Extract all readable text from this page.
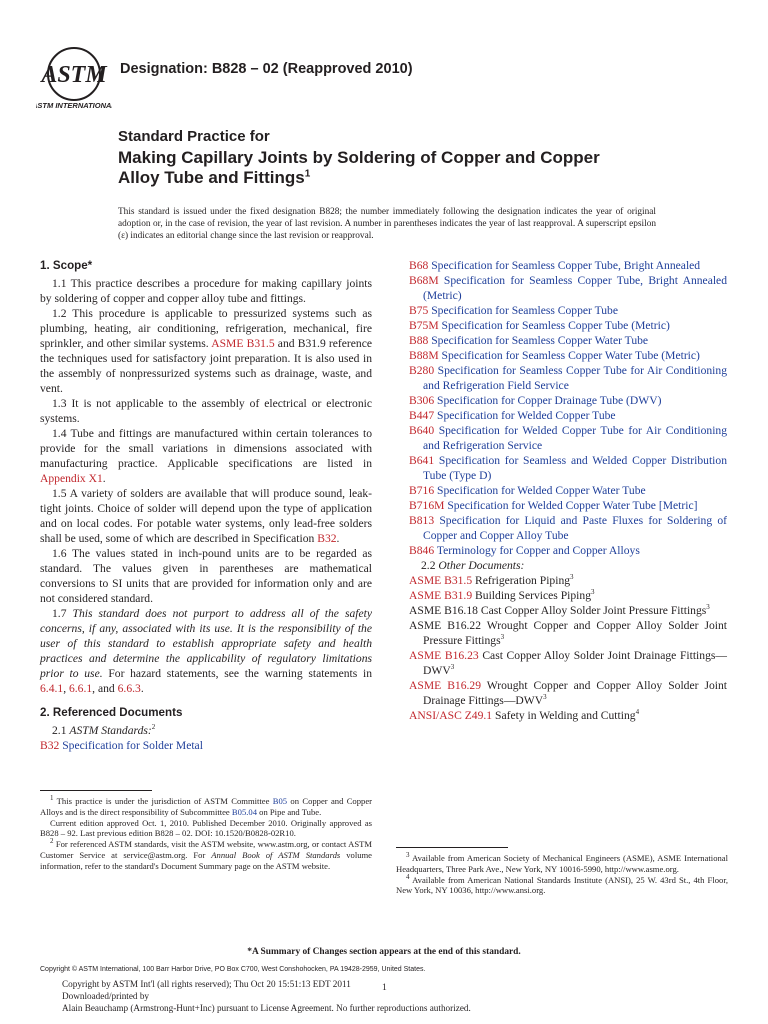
ASTM
ASTM INTERNATIONAL
Designation: B828 – 02 (Reapproved 2010)
Standard Practice for
Making Capillary Joints by Soldering of Copper and Copper
Alloy Tube and Fittings$^1$
This standard is issued under the fixed designation B828; the number immediately following the designation indicates the year of original adoption or, in the case of revision, the year of last revision. A number in parentheses indicates the year of last reapproval. A superscript epsilon (ε) indicates an editorial change since the last revision or reapproval.
1. Scope*

1.1 This practice describes a procedure for making capillary joints by soldering of copper and copper alloy tube and fittings.

1.2 This procedure is applicable to pressurized systems such as plumbing, heating, air conditioning, refrigeration, mechanical, fire sprinkler, and other similar systems. ASME B31.5 and B31.9 reference the techniques used for satisfactory joint preparation. It is also used in the assembly of nonpressurized systems such as drainage, waste, and vent.

1.3 It is not applicable to the assembly of electrical or electronic systems.

1.4 Tube and fittings are manufactured within certain tolerances to provide for the small variations in dimensions associated with manufacturing practice. Applicable specifications are listed in Appendix X1.

1.5 A variety of solders are available that will produce sound, leak-tight joints. Choice of solder will depend upon the type of application and on local codes. For potable water systems, only lead-free solders shall be used, some of which are described in Specification B32.

1.6 The values stated in inch-pound units are to be regarded as standard. The values given in parentheses are mathematical conversions to SI units that are provided for information only and are not considered standard.

1.7 This standard does not purport to address all of the safety concerns, if any, associated with its use. It is the responsibility of the user of this standard to establish appropriate safety and health practices and determine the applicability of regulatory limitations prior to use. For hazard statements, see the warning statements in 6.4.1, 6.6.1, and 6.6.3.

2. Referenced Documents

2.1 ASTM Standards:$^2$

B32 Specification for Solder Metal

B68 Specification for Seamless Copper Tube, Bright Annealed

B68M Specification for Seamless Copper Tube, Bright Annealed (Metric)

B75 Specification for Seamless Copper Tube

B75M Specification for Seamless Copper Tube (Metric)

B88 Specification for Seamless Copper Water Tube

B88M Specification for Seamless Copper Water Tube (Metric)

B280 Specification for Seamless Copper Tube for Air Conditioning and Refrigeration Field Service

B306 Specification for Copper Drainage Tube (DWV)

B447 Specification for Welded Copper Tube

B640 Specification for Welded Copper Tube for Air Conditioning and Refrigeration Service

B641 Specification for Seamless and Welded Copper Distribution Tube (Type D)

B716 Specification for Welded Copper Water Tube

B716M Specification for Welded Copper Water Tube [Metric]

B813 Specification for Liquid and Paste Fluxes for Soldering of Copper and Copper Alloy Tube

B846 Terminology for Copper and Copper Alloys

2.2 Other Documents:

ASME B31.5 Refrigeration Piping$^3$

ASME B31.9 Building Services Piping$^3$

ASME B16.18 Cast Copper Alloy Solder Joint Pressure Fittings$^3$

ASME B16.22 Wrought Copper and Copper Alloy Solder Joint Pressure Fittings$^3$

ASME B16.23 Cast Copper Alloy Solder Joint Drainage Fittings—DWV$^3$

ASME B16.29 Wrought Copper and Copper Alloy Solder Joint Drainage Fittings—DWV$^3$

ANSI/ASC Z49.1 Safety in Welding and Cutting$^4$

$^1$ This practice is under the jurisdiction of ASTM Committee B05 on Copper and Copper Alloys and is the direct responsibility of Subcommittee B05.04 on Pipe and Tube.

Current edition approved Oct. 1, 2010. Published December 2010. Originally approved as B828 – 92. Last previous edition B828 – 02. DOI: 10.1520/B0828-02R10.

$^2$ For referenced ASTM standards, visit the ASTM website, www.astm.org, or contact ASTM Customer Service at service@astm.org. For Annual Book of ASTM Standards volume information, refer to the standard's Document Summary page on the ASTM website.

$^3$ Available from American Society of Mechanical Engineers (ASME), ASME International Headquarters, Three Park Ave., New York, NY 10016-5990, http://www.asme.org.

$^4$ Available from American National Standards Institute (ANSI), 25 W. 43rd St., 4th Floor, New York, NY 10036, http://www.ansi.org.

*A Summary of Changes section appears at the end of this standard.
Copyright © ASTM International, 100 Barr Harbor Drive, PO Box C700, West Conshohocken, PA 19428-2959, United States.
Copyright by ASTM Int'l (all rights reserved); Thu Oct 20 15:51:13 EDT 2011
Downloaded/printed by
Alain Beauchamp (Armstrong-Hunt+Inc) pursuant to License Agreement. No further reproductions authorized.
1
